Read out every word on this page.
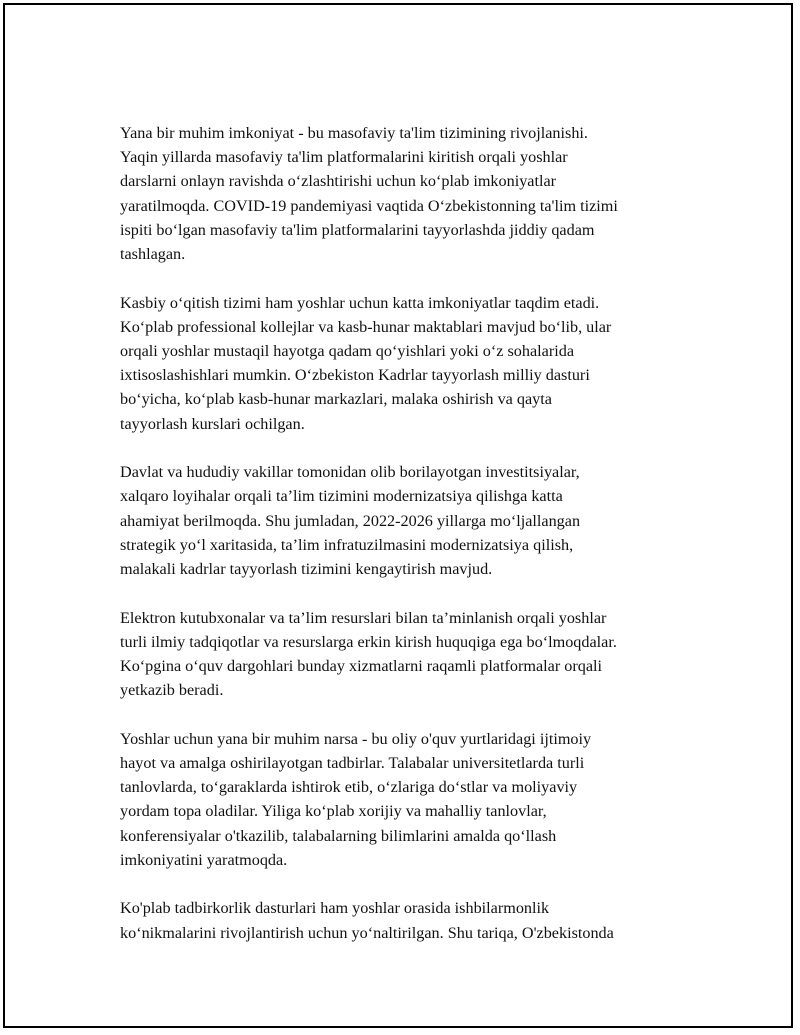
Yana bir muhim imkoniyat - bu masofaviy ta'lim tizimining rivojlanishi.
Yaqin yillarda masofaviy ta'lim platformalarini kiritish orqali yoshlar
darslarni onlayn ravishda o‘zlashtirishi uchun ko‘plab imkoniyatlar
yaratilmoqda. COVID-19 pandemiyasi vaqtida O‘zbekistonning ta'lim tizimi
ispiti bo‘lgan masofaviy ta'lim platformalarini tayyorlashda jiddiy qadam
tashlagan.

Kasbiy o‘qitish tizimi ham yoshlar uchun katta imkoniyatlar taqdim etadi.
Ko‘plab professional kollejlar va kasb-hunar maktablari mavjud bo‘lib, ular
orqali yoshlar mustaqil hayotga qadam qo‘yishlari yoki o‘z sohalarida
ixtisoslashishlari mumkin. O‘zbekiston Kadrlar tayyorlash milliy dasturi
bo‘yicha, ko‘plab kasb-hunar markazlari, malaka oshirish va qayta
tayyorlash kurslari ochilgan.

Davlat va hududiy vakillar tomonidan olib borilayotgan investitsiyalar,
xalqaro loyihalar orqali ta’lim tizimini modernizatsiya qilishga katta
ahamiyat berilmoqda. Shu jumladan, 2022-2026 yillarga mo‘ljallangan
strategik yo‘l xaritasida, ta’lim infratuzilmasini modernizatsiya qilish,
malakali kadrlar tayyorlash tizimini kengaytirish mavjud.

Elektron kutubxonalar va ta’lim resurslari bilan ta’minlanish orqali yoshlar
turli ilmiy tadqiqotlar va resurslarga erkin kirish huquqiga ega bo‘lmoqdalar.
Ko‘pgina o‘quv dargohlari bunday xizmatlarni raqamli platformalar orqali
yetkazib beradi.

Yoshlar uchun yana bir muhim narsa - bu oliy o'quv yurtlaridagi ijtimoiy
hayot va amalga oshirilayotgan tadbirlar. Talabalar universitetlarda turli
tanlovlarda, to‘garaklarda ishtirok etib, o‘zlariga do‘stlar va moliyaviy
yordam topa oladilar. Yiliga ko‘plab xorijiy va mahalliy tanlovlar,
konferensiyalar o'tkazilib, talabalarning bilimlarini amalda qo‘llash
imkoniyatini yaratmoqda.

Ko'plab tadbirkorlik dasturlari ham yoshlar orasida ishbilarmonlik
ko‘nikmalarini rivojlantirish uchun yo‘naltirilgan. Shu tariqa, O'zbekistonda
